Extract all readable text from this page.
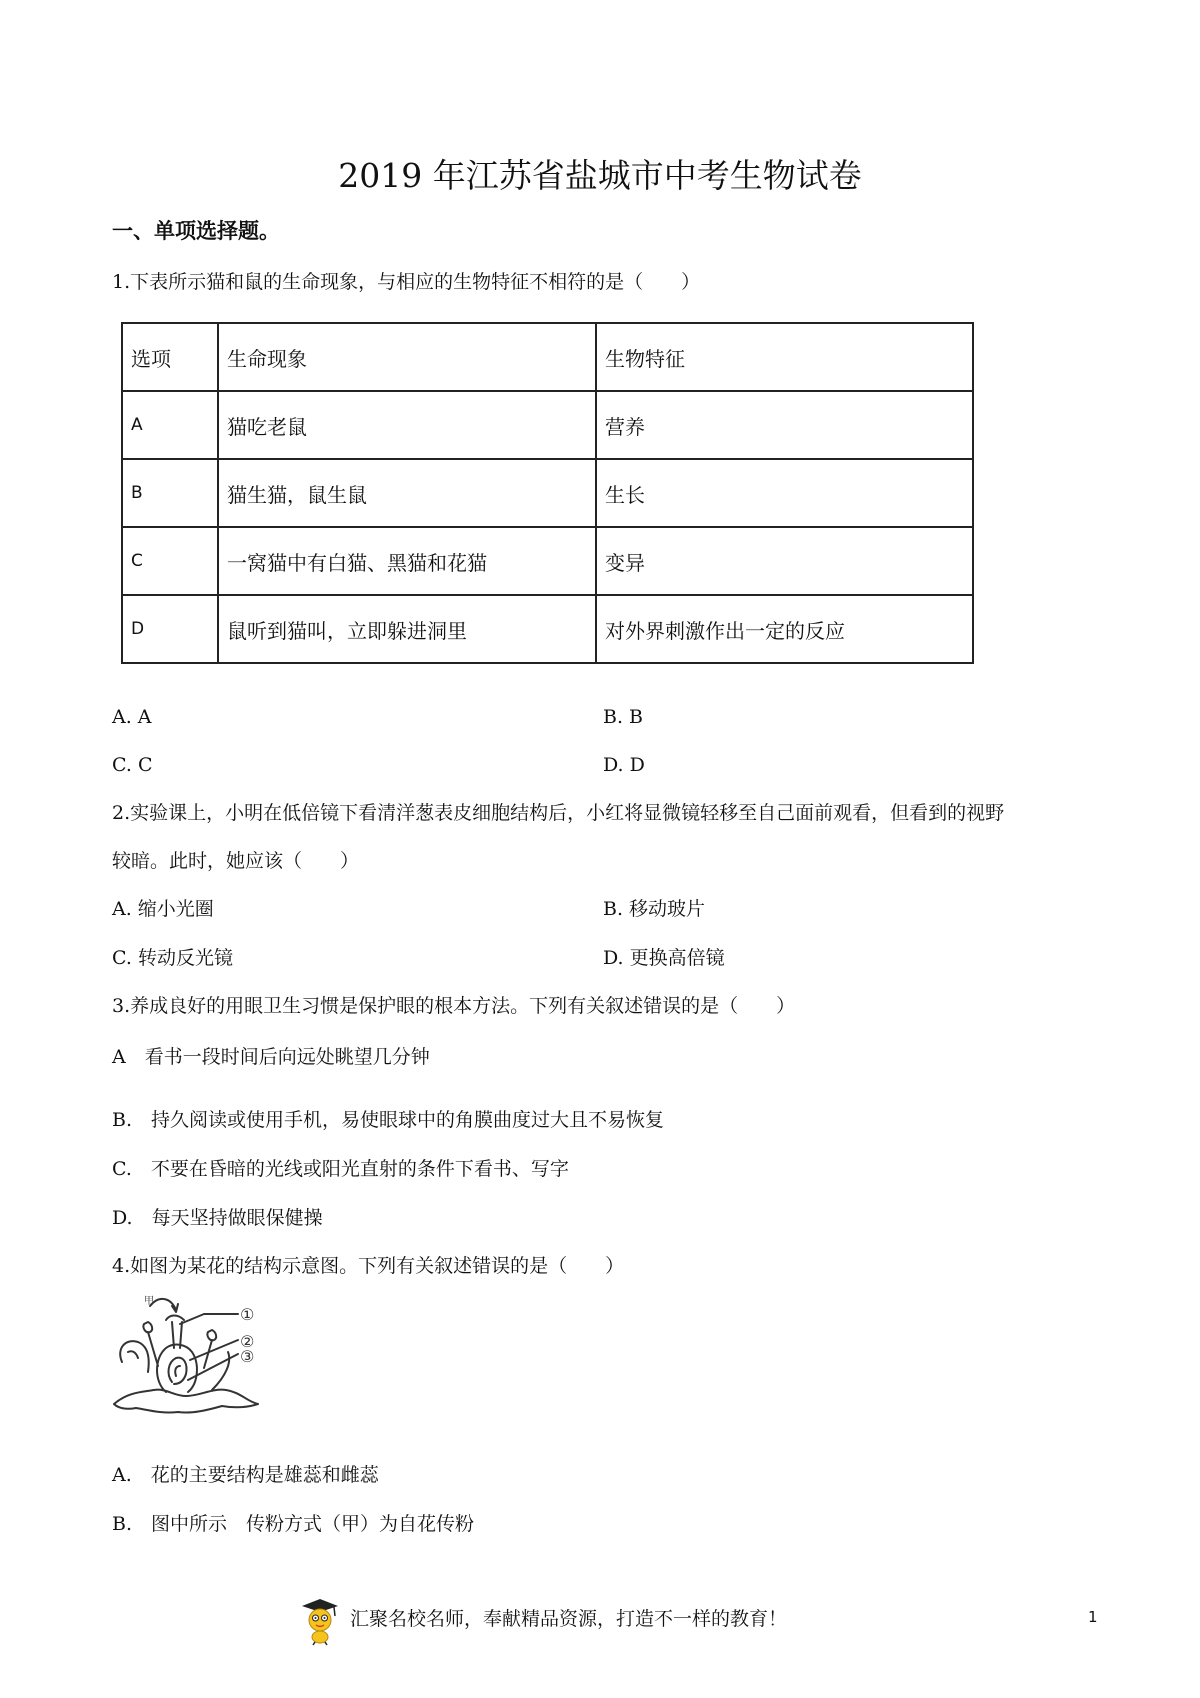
2019 年江苏省盐城市中考生物试卷
一、单项选择题。
1.下表所示猫和鼠的生命现象，与相应的生物特征不相符的是（　　）
选项	生命现象	生物特征
A	猫吃老鼠	营养
B	猫生猫，鼠生鼠	生长
C	一窝猫中有白猫、黑猫和花猫	变异
D	鼠听到猫叫，立即躲进洞里	对外界刺激作出一定的反应
A. A	B. B
C. C	D. D
2.实验课上，小明在低倍镜下看清洋葱表皮细胞结构后，小红将显微镜轻移至自己面前观看，但看到的视野
较暗。此时，她应该（　　）
A. 缩小光圈	B. 移动玻片
C. 转动反光镜	D. 更换高倍镜
3.养成良好的用眼卫生习惯是保护眼的根本方法。下列有关叙述错误的是（　　）
A　看书一段时间后向远处眺望几分钟
B.　持久阅读或使用手机，易使眼球中的角膜曲度过大且不易恢复
C.　不要在昏暗的光线或阳光直射的条件下看书、写字
D.　每天坚持做眼保健操
4.如图为某花的结构示意图。下列有关叙述错误的是（　　）
甲
①
②
③
A.　花的主要结构是雄蕊和雌蕊
B.　图中所示　传粉方式（甲）为自花传粉
汇聚名校名师，奉献精品资源，打造不一样的教育！	1
